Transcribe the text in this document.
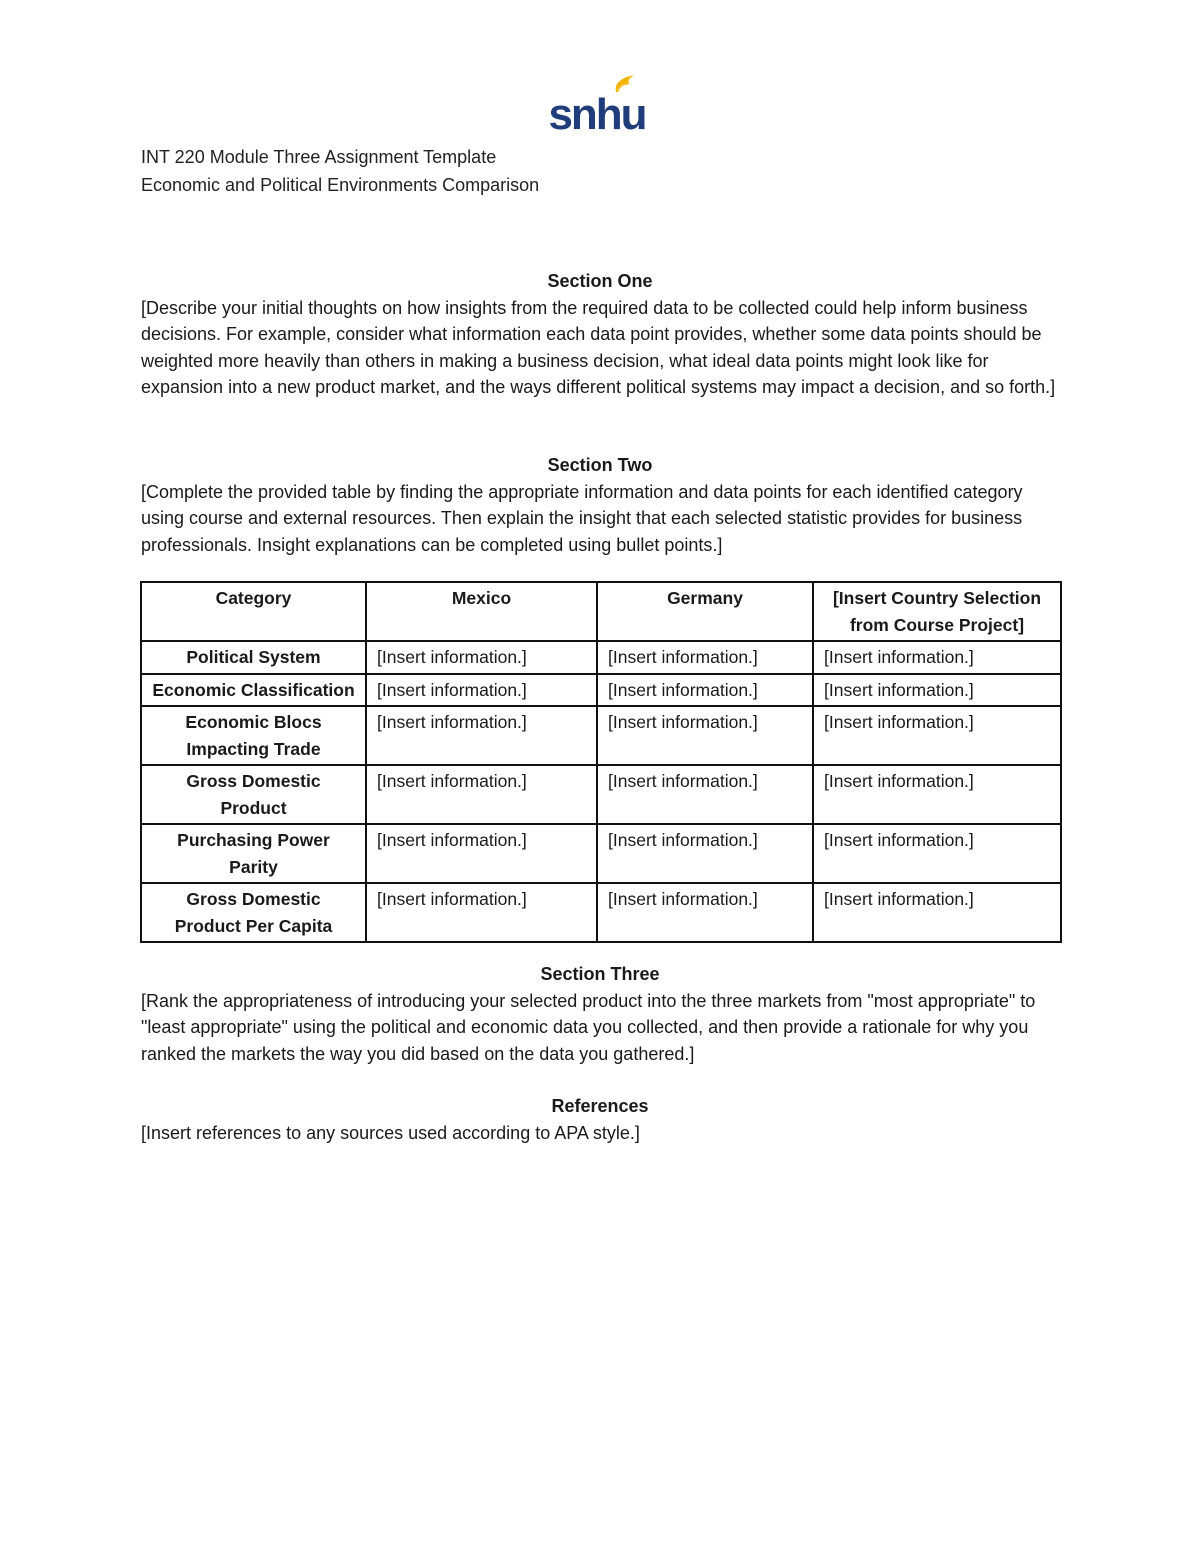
snhu
INT 220 Module Three Assignment Template
Economic and Political Environments Comparison
Section One
[Describe your initial thoughts on how insights from the required data to be collected could help inform business decisions. For example, consider what information each data point provides, whether some data points should be weighted more heavily than others in making a business decision, what ideal data points might look like for expansion into a new product market, and the ways different political systems may impact a decision, and so forth.]
Section Two
[Complete the provided table by finding the appropriate information and data points for each identified category using course and external resources. Then explain the insight that each selected statistic provides for business professionals. Insight explanations can be completed using bullet points.]
Category	Mexico	Germany	[Insert Country Selection from Course Project]
Political System	[Insert information.]	[Insert information.]	[Insert information.]
Economic Classification	[Insert information.]	[Insert information.]	[Insert information.]
Economic Blocs Impacting Trade	[Insert information.]	[Insert information.]	[Insert information.]
Gross Domestic Product	[Insert information.]	[Insert information.]	[Insert information.]
Purchasing Power Parity	[Insert information.]	[Insert information.]	[Insert information.]
Gross Domestic Product Per Capita	[Insert information.]	[Insert information.]	[Insert information.]
Section Three
[Rank the appropriateness of introducing your selected product into the three markets from "most appropriate" to "least appropriate" using the political and economic data you collected, and then provide a rationale for why you ranked the markets the way you did based on the data you gathered.]
References
[Insert references to any sources used according to APA style.]
